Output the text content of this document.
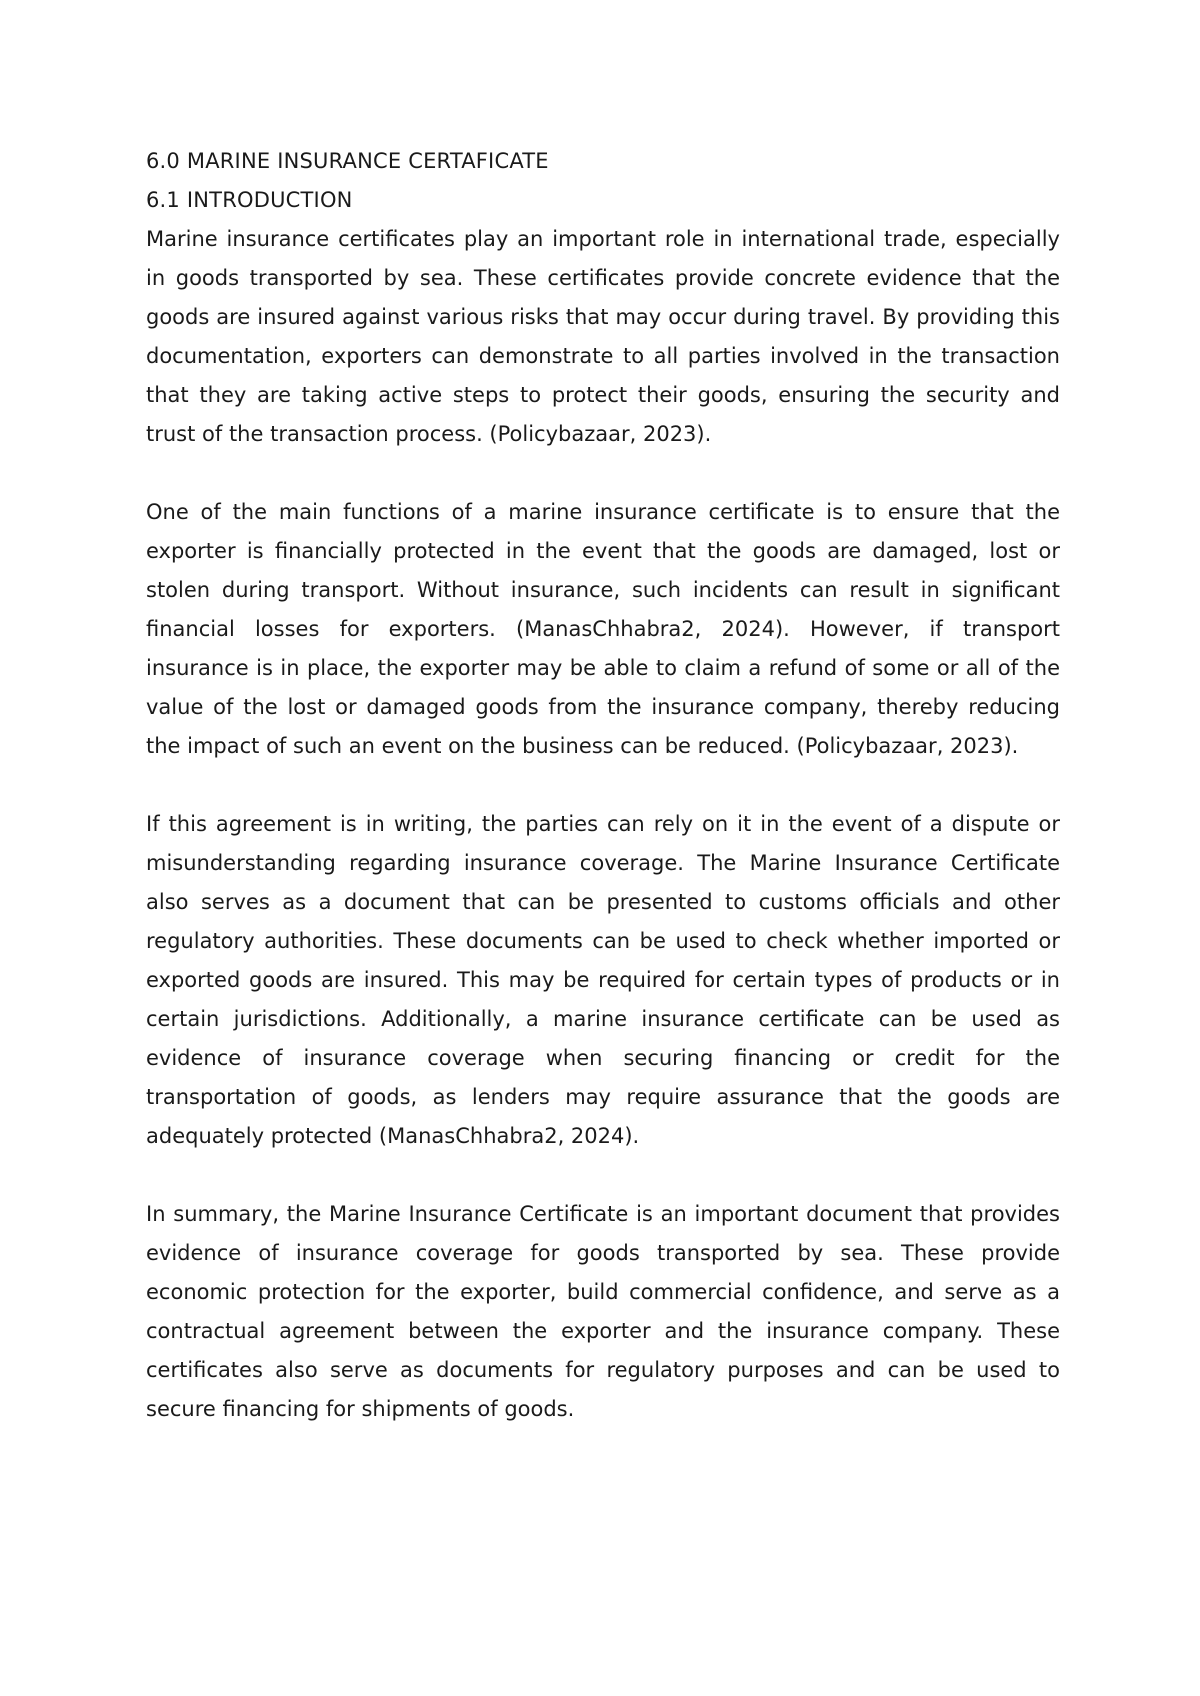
6.0 MARINE INSURANCE CERTAFICATE
6.1 INTRODUCTION

Marine insurance certificates play an important role in international trade, especially in goods transported by sea. These certificates provide concrete evidence that the goods are insured against various risks that may occur during travel. By providing this documentation, exporters can demonstrate to all parties involved in the transaction that they are taking active steps to protect their goods, ensuring the security and trust of the transaction process. (Policybazaar, 2023).

One of the main functions of a marine insurance certificate is to ensure that the exporter is financially protected in the event that the goods are damaged, lost or stolen during transport. Without insurance, such incidents can result in significant financial losses for exporters. (ManasChhabra2, 2024). However, if transport insurance is in place, the exporter may be able to claim a refund of some or all of the value of the lost or damaged goods from the insurance company, thereby reducing the impact of such an event on the business can be reduced. (Policybazaar, 2023).

If this agreement is in writing, the parties can rely on it in the event of a dispute or misunderstanding regarding insurance coverage. The Marine Insurance Certificate also serves as a document that can be presented to customs officials and other regulatory authorities. These documents can be used to check whether imported or exported goods are insured. This may be required for certain types of products or in certain jurisdictions. Additionally, a marine insurance certificate can be used as evidence of insurance coverage when securing financing or credit for the transportation of goods, as lenders may require assurance that the goods are adequately protected (ManasChhabra2, 2024).

In summary, the Marine Insurance Certificate is an important document that provides evidence of insurance coverage for goods transported by sea. These provide economic protection for the exporter, build commercial confidence, and serve as a contractual agreement between the exporter and the insurance company. These certificates also serve as documents for regulatory purposes and can be used to secure financing for shipments of goods.
